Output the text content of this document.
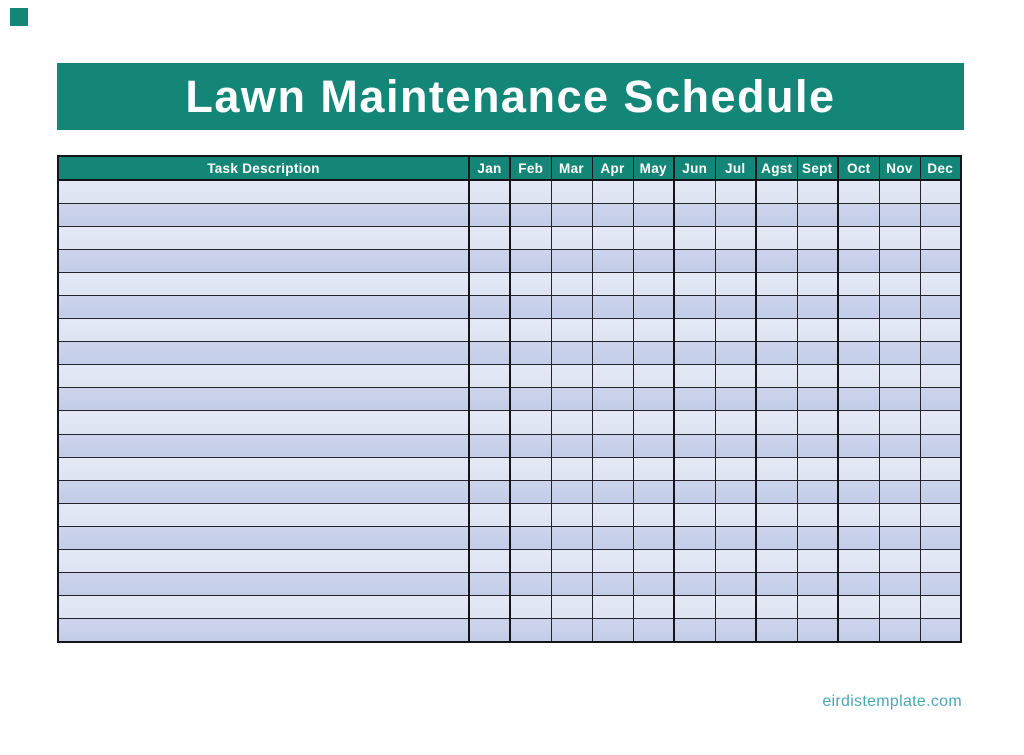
Lawn Maintenance Schedule
Task Description	Jan	Feb	Mar	Apr	May	Jun	Jul	Agst	Sept	Oct	Nov	Dec

eirdistemplate.com
